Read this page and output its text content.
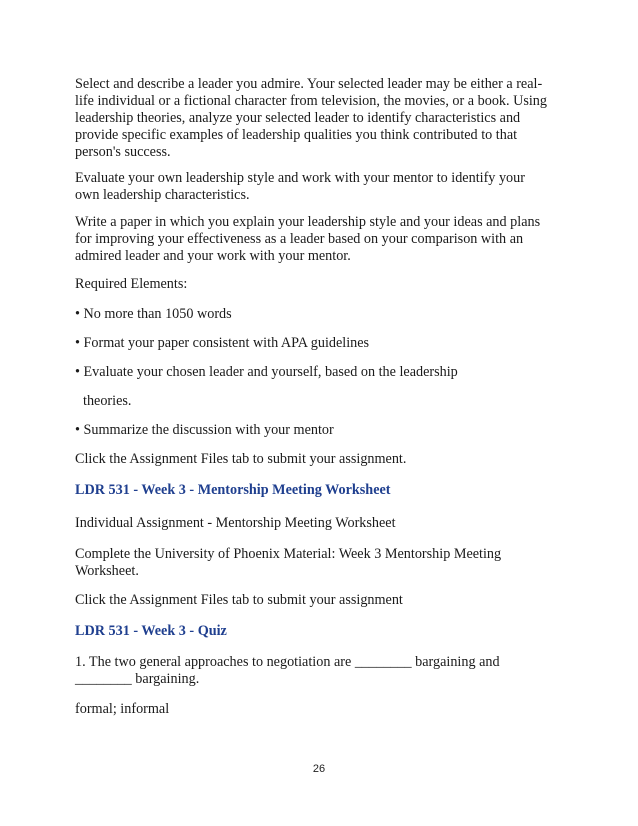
Select and describe a leader you admire. Your selected leader may be either a real-
life individual or a fictional character from television, the movies, or a book. Using
leadership theories, analyze your selected leader to identify characteristics and
provide specific examples of leadership qualities you think contributed to that
person's success.
Evaluate your own leadership style and work with your mentor to identify your
own leadership characteristics.
Write a paper in which you explain your leadership style and your ideas and plans
for improving your effectiveness as a leader based on your comparison with an
admired leader and your work with your mentor.
Required Elements:
• No more than 1050 words
• Format your paper consistent with APA guidelines
• Evaluate your chosen leader and yourself, based on the leadership
theories.
• Summarize the discussion with your mentor
Click the Assignment Files tab to submit your assignment.
LDR 531 - Week 3 - Mentorship Meeting Worksheet
Individual Assignment - Mentorship Meeting Worksheet
Complete the University of Phoenix Material: Week 3 Mentorship Meeting
Worksheet.
Click the Assignment Files tab to submit your assignment
LDR 531 - Week 3 - Quiz
1. The two general approaches to negotiation are ________ bargaining and
________ bargaining.
formal; informal
26
